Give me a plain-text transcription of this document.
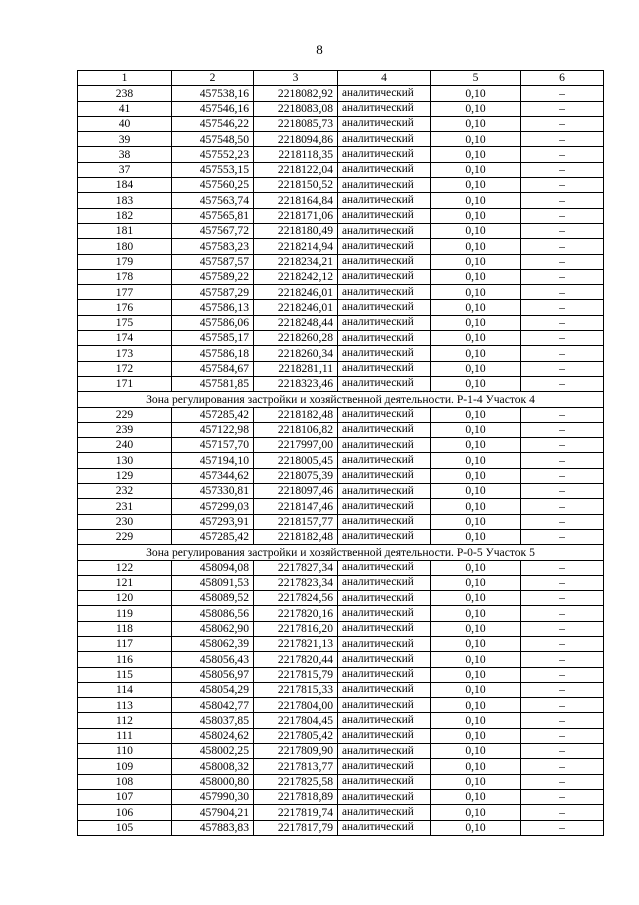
8
1	2	3	4	5	6
238	457538,16	2218082,92	аналитический	0,10	–
41	457546,16	2218083,08	аналитический	0,10	–
40	457546,22	2218085,73	аналитический	0,10	–
39	457548,50	2218094,86	аналитический	0,10	–
38	457552,23	2218118,35	аналитический	0,10	–
37	457553,15	2218122,04	аналитический	0,10	–
184	457560,25	2218150,52	аналитический	0,10	–
183	457563,74	2218164,84	аналитический	0,10	–
182	457565,81	2218171,06	аналитический	0,10	–
181	457567,72	2218180,49	аналитический	0,10	–
180	457583,23	2218214,94	аналитический	0,10	–
179	457587,57	2218234,21	аналитический	0,10	–
178	457589,22	2218242,12	аналитический	0,10	–
177	457587,29	2218246,01	аналитический	0,10	–
176	457586,13	2218246,01	аналитический	0,10	–
175	457586,06	2218248,44	аналитический	0,10	–
174	457585,17	2218260,28	аналитический	0,10	–
173	457586,18	2218260,34	аналитический	0,10	–
172	457584,67	2218281,11	аналитический	0,10	–
171	457581,85	2218323,46	аналитический	0,10	–
Зона регулирования застройки и хозяйственной деятельности. Р-1-4 Участок 4					
229	457285,42	2218182,48	аналитический	0,10	–
239	457122,98	2218106,82	аналитический	0,10	–
240	457157,70	2217997,00	аналитический	0,10	–
130	457194,10	2218005,45	аналитический	0,10	–
129	457344,62	2218075,39	аналитический	0,10	–
232	457330,81	2218097,46	аналитический	0,10	–
231	457299,03	2218147,46	аналитический	0,10	–
230	457293,91	2218157,77	аналитический	0,10	–
229	457285,42	2218182,48	аналитический	0,10	–
Зона регулирования застройки и хозяйственной деятельности. Р-0-5 Участок 5					
122	458094,08	2217827,34	аналитический	0,10	–
121	458091,53	2217823,34	аналитический	0,10	–
120	458089,52	2217824,56	аналитический	0,10	–
119	458086,56	2217820,16	аналитический	0,10	–
118	458062,90	2217816,20	аналитический	0,10	–
117	458062,39	2217821,13	аналитический	0,10	–
116	458056,43	2217820,44	аналитический	0,10	–
115	458056,97	2217815,79	аналитический	0,10	–
114	458054,29	2217815,33	аналитический	0,10	–
113	458042,77	2217804,00	аналитический	0,10	–
112	458037,85	2217804,45	аналитический	0,10	–
111	458024,62	2217805,42	аналитический	0,10	–
110	458002,25	2217809,90	аналитический	0,10	–
109	458008,32	2217813,77	аналитический	0,10	–
108	458000,80	2217825,58	аналитический	0,10	–
107	457990,30	2217818,89	аналитический	0,10	–
106	457904,21	2217819,74	аналитический	0,10	–
105	457883,83	2217817,79	аналитический	0,10	–
